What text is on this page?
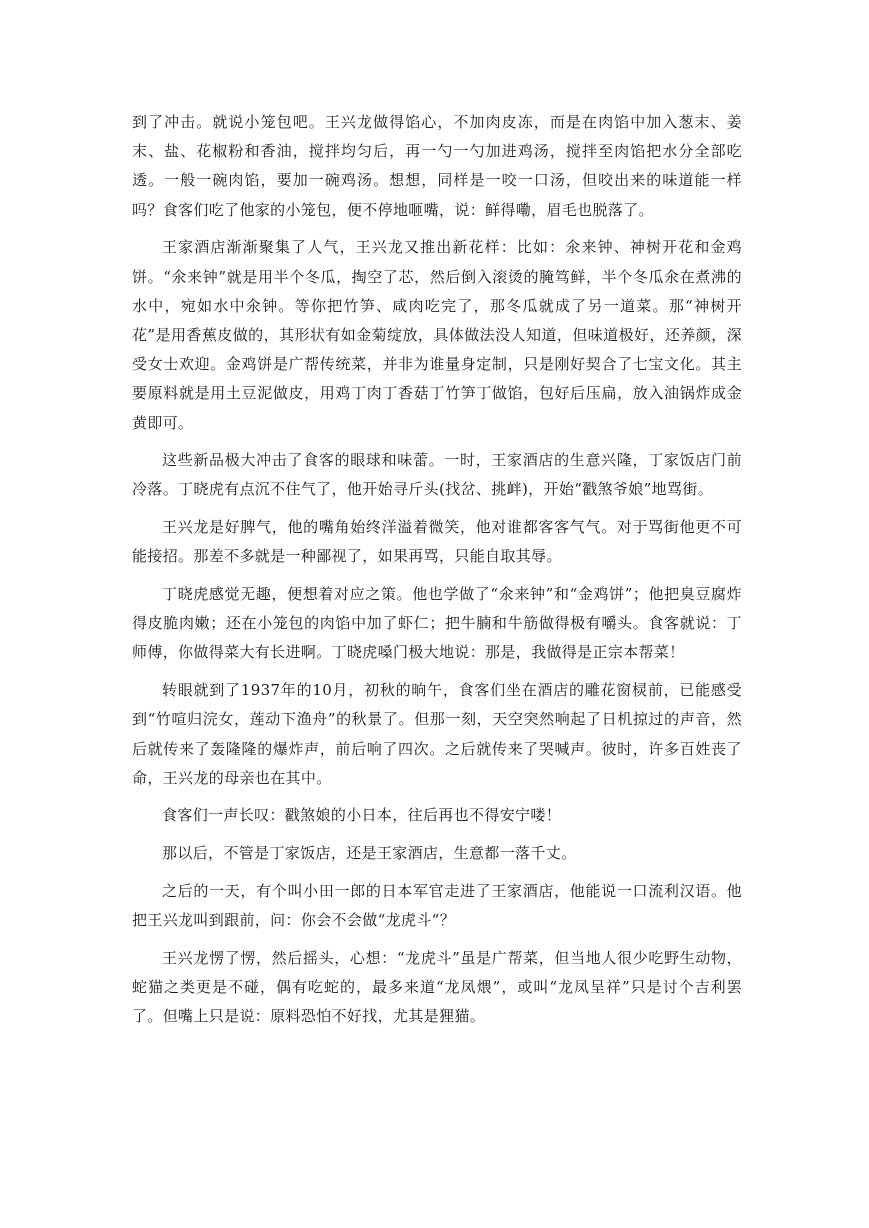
到了冲击。就说小笼包吧。王兴龙做得馅心，不加肉皮冻，而是在肉馅中加入葱末、姜末、盐、花椒粉和香油，搅拌均匀后，再一勺一勺加进鸡汤，搅拌至肉馅把水分全部吃透。一般一碗肉馅，要加一碗鸡汤。想想，同样是一咬一口汤，但咬出来的味道能一样吗？食客们吃了他家的小笼包，便不停地咂嘴，说：鲜得嘞，眉毛也脱落了。

王家酒店渐渐聚集了人气，王兴龙又推出新花样：比如：氽来钟、神树开花和金鸡饼。“氽来钟”就是用半个冬瓜，掏空了芯，然后倒入滚烫的腌笃鲜，半个冬瓜氽在煮沸的水中，宛如水中氽钟。等你把竹笋、咸肉吃完了，那冬瓜就成了另一道菜。那“神树开花”是用香蕉皮做的，其形状有如金菊绽放，具体做法没人知道，但味道极好，还养颜，深受女士欢迎。金鸡饼是广帮传统菜，并非为谁量身定制，只是刚好契合了七宝文化。其主要原料就是用土豆泥做皮，用鸡丁肉丁香菇丁竹笋丁做馅，包好后压扁，放入油锅炸成金黄即可。

这些新品极大冲击了食客的眼球和味蕾。一时，王家酒店的生意兴隆，丁家饭店门前冷落。丁晓虎有点沉不住气了，他开始寻斤头(找岔、挑衅)，开始“戳煞爷娘”地骂街。

王兴龙是好脾气，他的嘴角始终洋溢着微笑，他对谁都客客气气。对于骂街他更不可能接招。那差不多就是一种鄙视了，如果再骂，只能自取其辱。

丁晓虎感觉无趣，便想着对应之策。他也学做了“氽来钟”和“金鸡饼”；他把臭豆腐炸得皮脆肉嫩；还在小笼包的肉馅中加了虾仁；把牛腩和牛筋做得极有嚼头。食客就说：丁师傅，你做得菜大有长进啊。丁晓虎嗓门极大地说：那是，我做得是正宗本帮菜！

转眼就到了1937年的10月，初秋的晌午，食客们坐在酒店的雕花窗棂前，已能感受到“竹喧归浣女，莲动下渔舟”的秋景了。但那一刻，天空突然响起了日机掠过的声音，然后就传来了轰隆隆的爆炸声，前后响了四次。之后就传来了哭喊声。彼时，许多百姓丧了命，王兴龙的母亲也在其中。

食客们一声长叹：戳煞娘的小日本，往后再也不得安宁喽！

那以后，不管是丁家饭店，还是王家酒店，生意都一落千丈。

之后的一天，有个叫小田一郎的日本军官走进了王家酒店，他能说一口流利汉语。他把王兴龙叫到跟前，问：你会不会做“龙虎斗“？

王兴龙愣了愣，然后摇头，心想：“龙虎斗”虽是广帮菜，但当地人很少吃野生动物，蛇猫之类更是不碰，偶有吃蛇的，最多来道“龙凤煨”，或叫“龙凤呈祥”只是讨个吉利罢了。但嘴上只是说：原料恐怕不好找，尤其是狸猫。
